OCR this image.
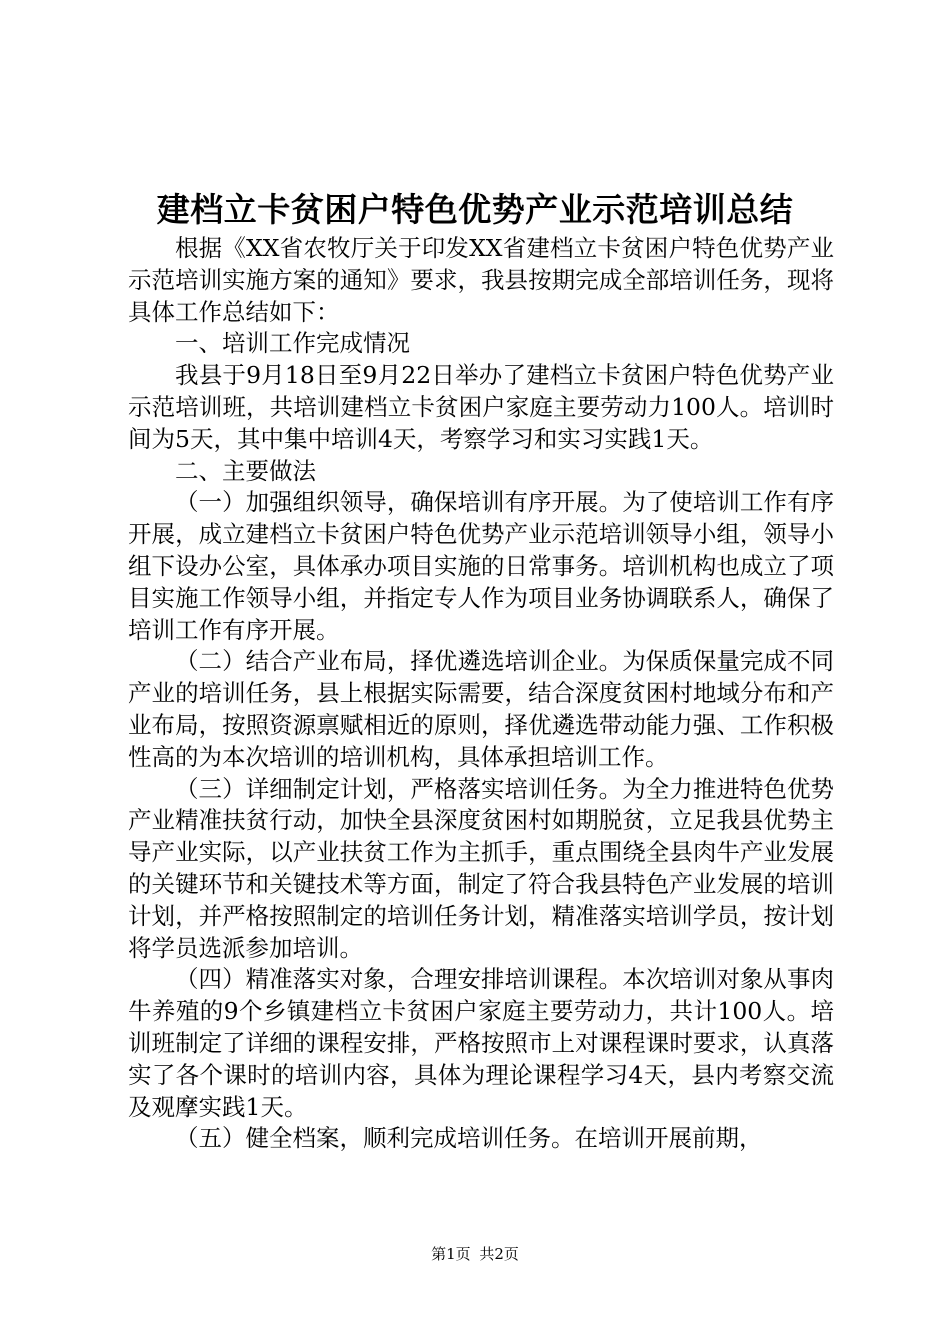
建档立卡贫困户特色优势产业示范培训总结

根据《XX省农牧厅关于印发XX省建档立卡贫困户特色优势产业示范培训实施方案的通知》要求，我县按期完成全部培训任务，现将具体工作总结如下：

一、培训工作完成情况

我县于9月18日至9月22日举办了建档立卡贫困户特色优势产业示范培训班，共培训建档立卡贫困户家庭主要劳动力100人。培训时间为5天，其中集中培训4天，考察学习和实习实践1天。

二、主要做法

（一）加强组织领导，确保培训有序开展。为了使培训工作有序开展，成立建档立卡贫困户特色优势产业示范培训领导小组，领导小组下设办公室，具体承办项目实施的日常事务。培训机构也成立了项目实施工作领导小组，并指定专人作为项目业务协调联系人，确保了培训工作有序开展。

（二）结合产业布局，择优遴选培训企业。为保质保量完成不同产业的培训任务，县上根据实际需要，结合深度贫困村地域分布和产业布局，按照资源禀赋相近的原则，择优遴选带动能力强、工作积极性高的为本次培训的培训机构，具体承担培训工作。

（三）详细制定计划，严格落实培训任务。为全力推进特色优势产业精准扶贫行动，加快全县深度贫困村如期脱贫，立足我县优势主导产业实际，以产业扶贫工作为主抓手，重点围绕全县肉牛产业发展的关键环节和关键技术等方面，制定了符合我县特色产业发展的培训计划，并严格按照制定的培训任务计划，精准落实培训学员，按计划将学员选派参加培训。

（四）精准落实对象，合理安排培训课程。本次培训对象从事肉牛养殖的9个乡镇建档立卡贫困户家庭主要劳动力，共计100人。培训班制定了详细的课程安排，严格按照市上对课程课时要求，认真落实了各个课时的培训内容，具体为理论课程学习4天，县内考察交流及观摩实践1天。

（五）健全档案，顺利完成培训任务。在培训开展前期，

第1页 共2页
